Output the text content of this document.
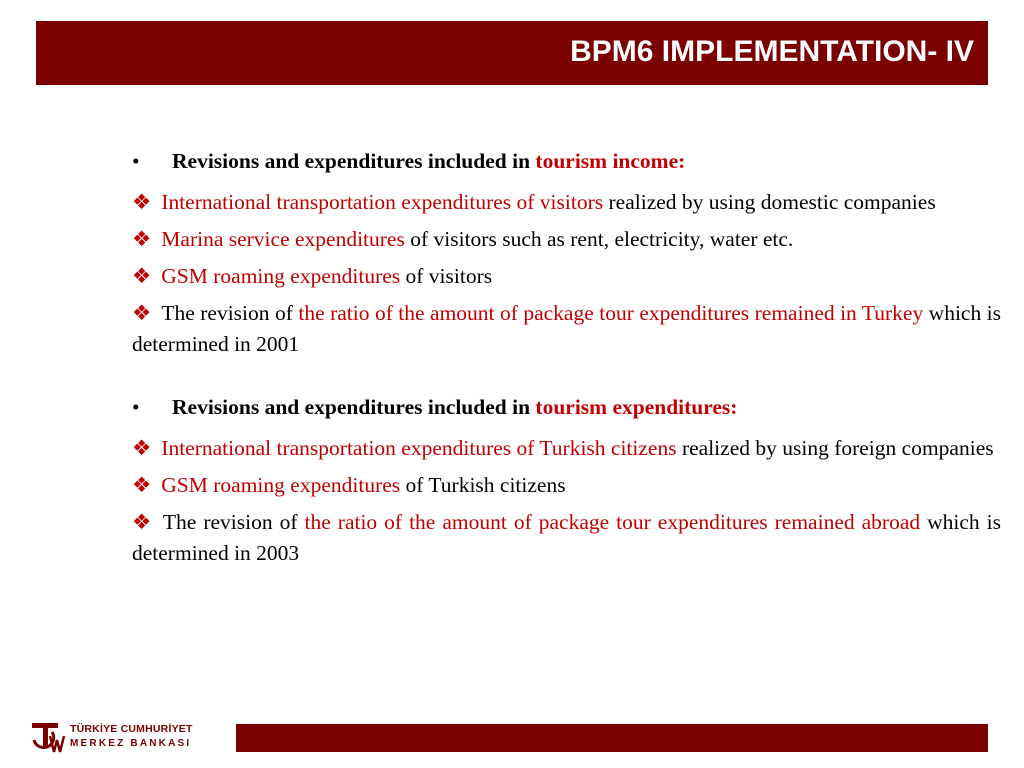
BPM6 IMPLEMENTATION- IV
•	Revisions and expenditures included in tourism income:
❖ International transportation expenditures of visitors realized by using domestic companies
❖ Marina service expenditures of visitors such as rent, electricity, water etc.
❖ GSM roaming expenditures of visitors
❖ The revision of the ratio of the amount of package tour expenditures remained in Turkey which is determined in 2001
•	Revisions and expenditures included in tourism expenditures:
❖ International transportation expenditures of Turkish citizens realized by using foreign companies
❖ GSM roaming expenditures of Turkish citizens
❖ The revision of the ratio of the amount of package tour expenditures remained abroad which is determined in 2003
TÜRKİYE CUMHURİYET
MERKEZ BANKASI
